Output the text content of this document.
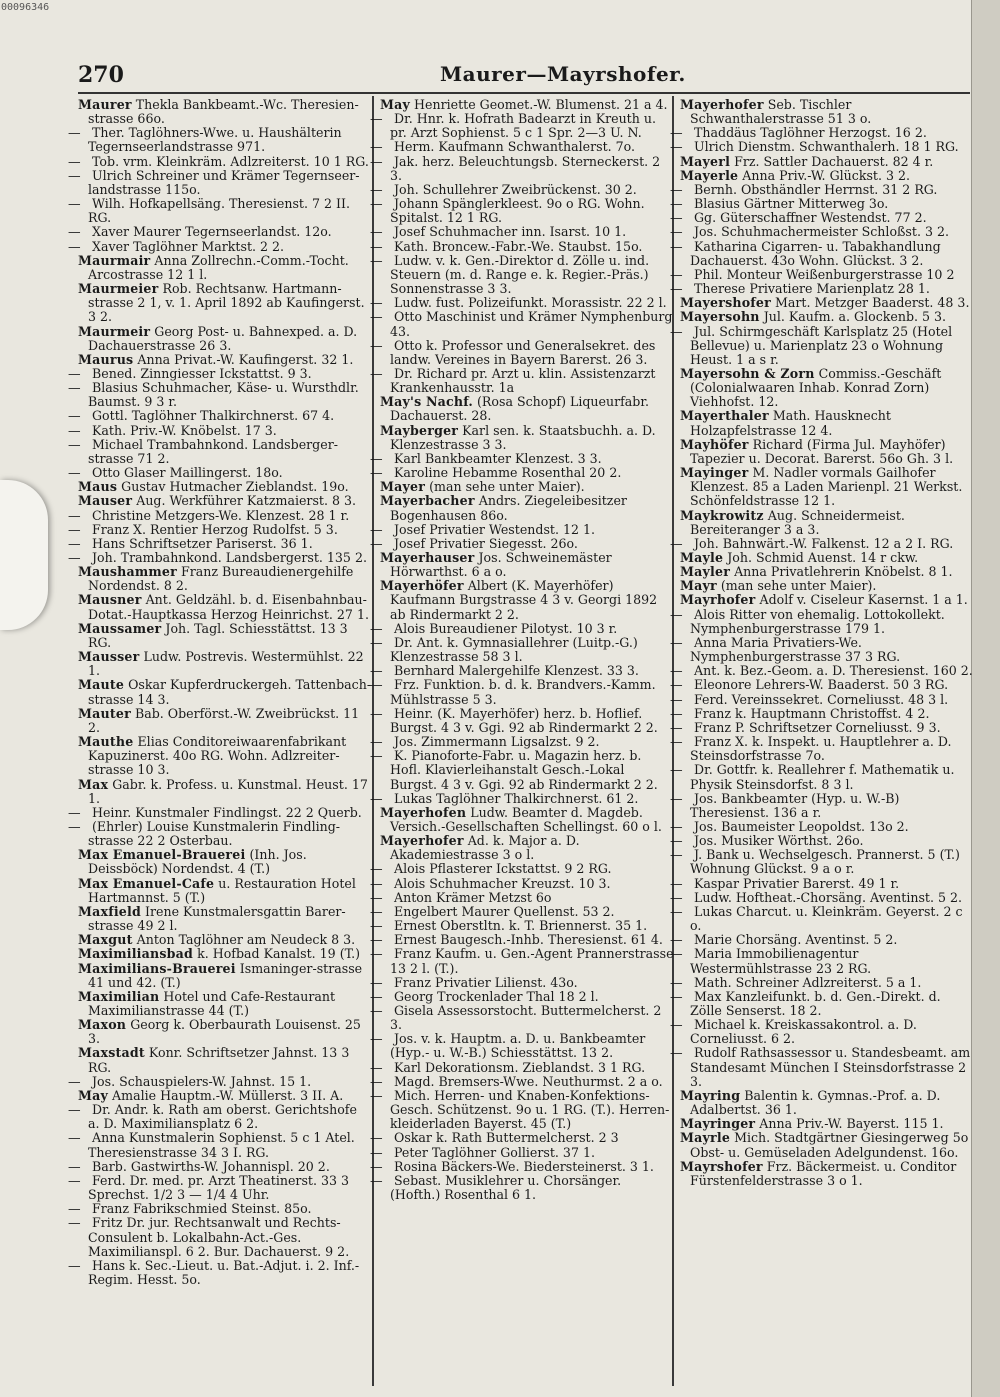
00096346
270	Maurer—Mayrshofer.

Maurer Thekla Bankbeamt.-Wc. Theresien-strasse 66o.

— Ther. Taglöhners-Wwe. u. Haushälterin Tegernseerlandstrasse 971.

— Tob. vrm. Kleinkräm. Adlzreiterst. 10 1 RG.

— Ulrich Schreiner und Krämer Tegernseer-landstrasse 115o.

— Wilh. Hofkapellsäng. Theresienst. 7 2 II. RG.

— Xaver Maurer Tegernseerlandst. 12o.

— Xaver Taglöhner Marktst. 2 2.

Maurmair Anna Zollrechn.-Comm.-Tocht. Arcostrasse 12 1 l.

Maurmeier Rob. Rechtsanw. Hartmann-strasse 2 1, v. 1. April 1892 ab Kaufingerst. 3 2.

Maurmeir Georg Post- u. Bahnexped. a. D. Dachauerstrasse 26 3.

Maurus Anna Privat.-W. Kaufingerst. 32 1.

— Bened. Zinngiesser Ickstattst. 9 3.

— Blasius Schuhmacher, Käse- u. Wursthdlr. Baumst. 9 3 r.

— Gottl. Taglöhner Thalkirchnerst. 67 4.

— Kath. Priv.-W. Knöbelst. 17 3.

— Michael Trambahnkond. Landsberger-strasse 71 2.

— Otto Glaser Maillingerst. 18o.

Maus Gustav Hutmacher Zieblandst. 19o.

Mauser Aug. Werkführer Katzmaierst. 8 3.

— Christine Metzgers-We. Klenzest. 28 1 r.

— Franz X. Rentier Herzog Rudolfst. 5 3.

— Hans Schriftsetzer Pariserst. 36 1.

— Joh. Trambahnkond. Landsbergerst. 135 2.

Maushammer Franz Bureaudienergehilfe Nordendst. 8 2.

Mausner Ant. Geldzähl. b. d. Eisenbahnbau-Dotat.-Hauptkassa Herzog Heinrichst. 27 1.

Maussamer Joh. Tagl. Schiesstättst. 13 3 RG.

Mausser Ludw. Postrevis. Westermühlst. 22 1.

Maute Oskar Kupferdruckergeh. Tattenbach-strasse 14 3.

Mauter Bab. Oberförst.-W. Zweibrückst. 11 2.

Mauthe Elias Conditoreiwaarenfabrikant Kapuzinerst. 40o RG. Wohn. Adlzreiter-strasse 10 3.

Max Gabr. k. Profess. u. Kunstmal. Heust. 17 1.

— Heinr. Kunstmaler Findlingst. 22 2 Querb.

— (Ehrler) Louise Kunstmalerin Findling-strasse 22 2 Osterbau.

Max Emanuel-Brauerei (Inh. Jos. Deissböck) Nordendst. 4 (T.)

Max Emanuel-Cafe u. Restauration Hotel Hartmannst. 5 (T.)

Maxfield Irene Kunstmalersgattin Barer-strasse 49 2 l.

Maxgut Anton Taglöhner am Neudeck 8 3.

Maximiliansbad k. Hofbad Kanalst. 19 (T.)

Maximilians-Brauerei Ismaninger-strasse 41 und 42. (T.)

Maximilian Hotel und Cafe-Restaurant Maximilianstrasse 44 (T.)

Maxon Georg k. Oberbaurath Louisenst. 25 3.

Maxstadt Konr. Schriftsetzer Jahnst. 13 3 RG.

— Jos. Schauspielers-W. Jahnst. 15 1.

May Amalie Hauptm.-W. Müllerst. 3 II. A.

— Dr. Andr. k. Rath am oberst. Gerichtshofe a. D. Maximiliansplatz 6 2.

— Anna Kunstmalerin Sophienst. 5 c 1 Atel. Theresienstrasse 34 3 I. RG.

— Barb. Gastwirths-W. Johannispl. 20 2.

— Ferd. Dr. med. pr. Arzt Theatinerst. 33 3 Sprechst. 1/2 3 — 1/4 4 Uhr.

— Franz Fabrikschmied Steinst. 85o.

— Fritz Dr. jur. Rechtsanwalt und Rechts-Consulent b. Lokalbahn-Act.-Ges. Maximilianspl. 6 2. Bur. Dachauerst. 9 2.

— Hans k. Sec.-Lieut. u. Bat.-Adjut. i. 2. Inf.-Regim. Hesst. 5o.

May Henriette Geomet.-W. Blumenst. 21 a 4.

— Dr. Hnr. k. Hofrath Badearzt in Kreuth u. pr. Arzt Sophienst. 5 c 1 Spr. 2—3 U. N.

— Herm. Kaufmann Schwanthalerst. 7o.

— Jak. herz. Beleuchtungsb. Sterneckerst. 2 3.

— Joh. Schullehrer Zweibrückenst. 30 2.

— Johann Spänglerkleest. 9o o RG. Wohn. Spitalst. 12 1 RG.

— Josef Schuhmacher inn. Isarst. 10 1.

— Kath. Broncew.-Fabr.-We. Staubst. 15o.

— Ludw. v. k. Gen.-Direktor d. Zölle u. ind. Steuern (m. d. Range e. k. Regier.-Präs.) Sonnenstrasse 3 3.

— Ludw. fust. Polizeifunkt. Morassistr. 22 2 l.

— Otto Maschinist und Krämer Nymphenburg 43.

— Otto k. Professor und Generalsekret. des landw. Vereines in Bayern Barerst. 26 3.

— Dr. Richard pr. Arzt u. klin. Assistenzarzt Krankenhausstr. 1a

May's Nachf. (Rosa Schopf) Liqueurfabr. Dachauerst. 28.

Mayberger Karl sen. k. Staatsbuchh. a. D. Klenzestrasse 3 3.

— Karl Bankbeamter Klenzest. 3 3.

— Karoline Hebamme Rosenthal 20 2.

Mayer (man sehe unter Maier).

Mayerbacher Andrs. Ziegeleibesitzer Bogenhausen 86o.

— Josef Privatier Westendst. 12 1.

— Josef Privatier Siegesst. 26o.

Mayerhauser Jos. Schweinemäster Hörwarthst. 6 a o.

Mayerhöfer Albert (K. Mayerhöfer) Kaufmann Burgstrasse 4 3 v. Georgi 1892 ab Rindermarkt 2 2.

— Alois Bureaudiener Pilotyst. 10 3 r.

— Dr. Ant. k. Gymnasiallehrer (Luitp.-G.) Klenzestrasse 58 3 l.

— Bernhard Malergehilfe Klenzest. 33 3.

— Frz. Funktion. b. d. k. Brandvers.-Kamm. Mühlstrasse 5 3.

— Heinr. (K. Mayerhöfer) herz. b. Hoflief. Burgst. 4 3 v. Ggi. 92 ab Rindermarkt 2 2.

— Jos. Zimmermann Ligsalzst. 9 2.

— K. Pianoforte-Fabr. u. Magazin herz. b. Hofl. Klavierleihanstalt Gesch.-Lokal Burgst. 4 3 v. Ggi. 92 ab Rindermarkt 2 2.

— Lukas Taglöhner Thalkirchnerst. 61 2.

Mayerhofen Ludw. Beamter d. Magdeb. Versich.-Gesellschaften Schellingst. 60 o l.

Mayerhofer Ad. k. Major a. D. Akademiestrasse 3 o l.

— Alois Pflasterer Ickstattst. 9 2 RG.

— Alois Schuhmacher Kreuzst. 10 3.

— Anton Krämer Metzst 6o

— Engelbert Maurer Quellenst. 53 2.

— Ernest Oberstltn. k. T. Briennerst. 35 1.

— Ernest Baugesch.-Inhb. Theresienst. 61 4.

— Franz Kaufm. u. Gen.-Agent Prannerstrasse 13 2 l. (T.).

— Franz Privatier Lilienst. 43o.

— Georg Trockenlader Thal 18 2 l.

— Gisela Assessorstocht. Buttermelcherst. 2 3.

— Jos. v. k. Hauptm. a. D. u. Bankbeamter (Hyp.- u. W.-B.) Schiesstättst. 13 2.

— Karl Dekorationsm. Zieblandst. 3 1 RG.

— Magd. Bremsers-Wwe. Neuthurmst. 2 a o.

— Mich. Herren- und Knaben-Konfektions-Gesch. Schützenst. 9o u. 1 RG. (T.). Herren-kleiderladen Bayerst. 45 (T.)

— Oskar k. Rath Buttermelcherst. 2 3

— Peter Taglöhner Gollierst. 37 1.

— Rosina Bäckers-We. Biedersteinerst. 3 1.

— Sebast. Musiklehrer u. Chorsänger. (Hofth.) Rosenthal 6 1.

Mayerhofer Seb. Tischler Schwanthalerstrasse 51 3 o.

— Thaddäus Taglöhner Herzogst. 16 2.

— Ulrich Dienstm. Schwanthalerh. 18 1 RG.

Mayerl Frz. Sattler Dachauerst. 82 4 r.

Mayerle Anna Priv.-W. Glückst. 3 2.

— Bernh. Obsthändler Herrnst. 31 2 RG.

— Blasius Gärtner Mitterweg 3o.

— Gg. Güterschaffner Westendst. 77 2.

— Jos. Schuhmachermeister Schloßst. 3 2.

— Katharina Cigarren- u. Tabakhandlung Dachauerst. 43o Wohn. Glückst. 3 2.

— Phil. Monteur Weißenburgerstrasse 10 2

— Therese Privatiere Marienplatz 28 1.

Mayershofer Mart. Metzger Baaderst. 48 3.

Mayersohn Jul. Kaufm. a. Glockenb. 5 3.

— Jul. Schirmgeschäft Karlsplatz 25 (Hotel Bellevue) u. Marienplatz 23 o Wohnung Heust. 1 a s r.

Mayersohn & Zorn Commiss.-Geschäft (Colonialwaaren Inhab. Konrad Zorn) Viehhofst. 12.

Mayerthaler Math. Hausknecht Holzapfelstrasse 12 4.

Mayhöfer Richard (Firma Jul. Mayhöfer) Tapezier u. Decorat. Barerst. 56o Gh. 3 l.

Mayinger M. Nadler vormals Gailhofer Klenzest. 85 a Laden Marienpl. 21 Werkst. Schönfeldstrasse 12 1.

Maykrowitz Aug. Schneidermeist. Bereiteranger 3 a 3.

— Joh. Bahnwärt.-W. Falkenst. 12 a 2 I. RG.

Mayle Joh. Schmid Auenst. 14 r ckw.

Mayler Anna Privatlehrerin Knöbelst. 8 1.

Mayr (man sehe unter Maier).

Mayrhofer Adolf v. Ciseleur Kasernst. 1 a 1.

— Alois Ritter von ehemalig. Lottokollekt. Nymphenburgerstrasse 179 1.

— Anna Maria Privatiers-We. Nymphenburgerstrasse 37 3 RG.

— Ant. k. Bez.-Geom. a. D. Theresienst. 160 2.

— Eleonore Lehrers-W. Baaderst. 50 3 RG.

— Ferd. Vereinssekret. Corneliusst. 48 3 l.

— Franz k. Hauptmann Christoffst. 4 2.

— Franz P. Schriftsetzer Corneliusst. 9 3.

— Franz X. k. Inspekt. u. Hauptlehrer a. D. Steinsdorfstrasse 7o.

— Dr. Gottfr. k. Reallehrer f. Mathematik u. Physik Steinsdorfst. 8 3 l.

— Jos. Bankbeamter (Hyp. u. W.-B) Theresienst. 136 a r.

— Jos. Baumeister Leopoldst. 13o 2.

— Jos. Musiker Wörthst. 26o.

— J. Bank u. Wechselgesch. Prannerst. 5 (T.) Wohnung Glückst. 9 a o r.

— Kaspar Privatier Barerst. 49 1 r.

— Ludw. Hoftheat.-Chorsäng. Aventinst. 5 2.

— Lukas Charcut. u. Kleinkräm. Geyerst. 2 c o.

— Marie Chorsäng. Aventinst. 5 2.

— Maria Immobilienagentur Westermühlstrasse 23 2 RG.

— Math. Schreiner Adlzreiterst. 5 a 1.

— Max Kanzleifunkt. b. d. Gen.-Direkt. d. Zölle Senserst. 18 2.

— Michael k. Kreiskassakontrol. a. D. Corneliusst. 6 2.

— Rudolf Rathsassessor u. Standesbeamt. am Standesamt München I Steinsdorfstrasse 2 3.

Mayring Balentin k. Gymnas.-Prof. a. D. Adalbertst. 36 1.

Mayringer Anna Priv.-W. Bayerst. 115 1.

Mayrle Mich. Stadtgärtner Giesingerweg 5o Obst- u. Gemüseladen Adelgundenst. 16o.

Mayrshofer Frz. Bäckermeist. u. Conditor Fürstenfelderstrasse 3 o 1.
